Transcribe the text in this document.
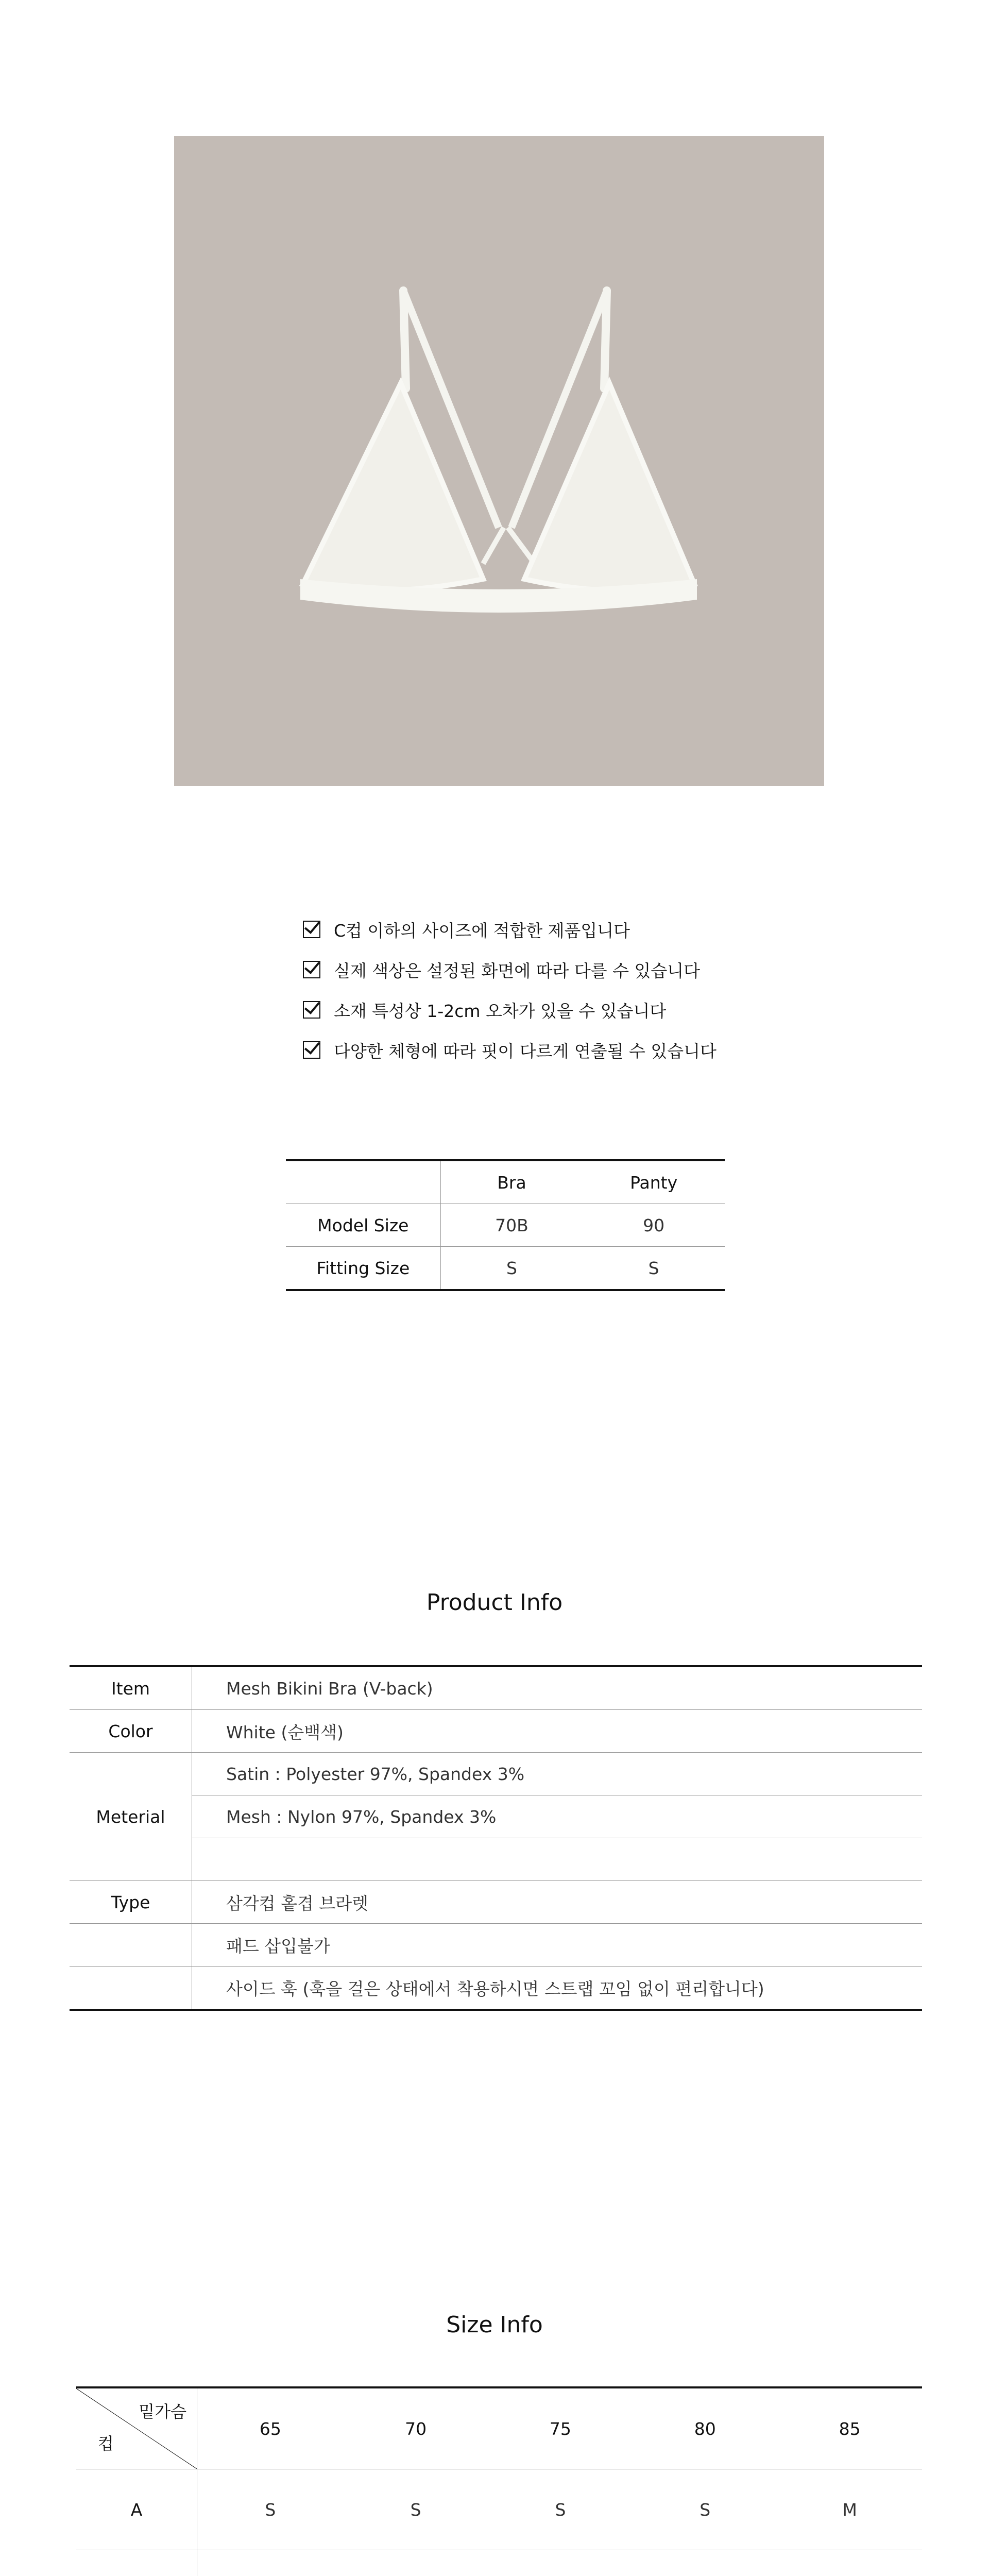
C컵 이하의 사이즈에 적합한 제품입니다
실제 색상은 설정된 화면에 따라 다를 수 있습니다
소재 특성상 1-2cm 오차가 있을 수 있습니다
다양한 체형에 따라 핏이 다르게 연출될 수 있습니다
	Bra	Panty
Model Size	70B	90
Fitting Size	S	S
Product Info
Item	Mesh Bikini Bra (V-back)
Color	White (순백색)
Meterial	Satin : Polyester 97%, Spandex 3%
	Mesh : Nylon 97%, Spandex 3%

Type	삼각컵 홑겹 브라렛
	패드 삽입불가
	사이드 훅 (훅을 걸은 상태에서 착용하시면 스트랩 꼬임 없이 편리합니다)
Size Info
밑가슴
컵	65	70	75	80	85
A	S	S	S	S	M
